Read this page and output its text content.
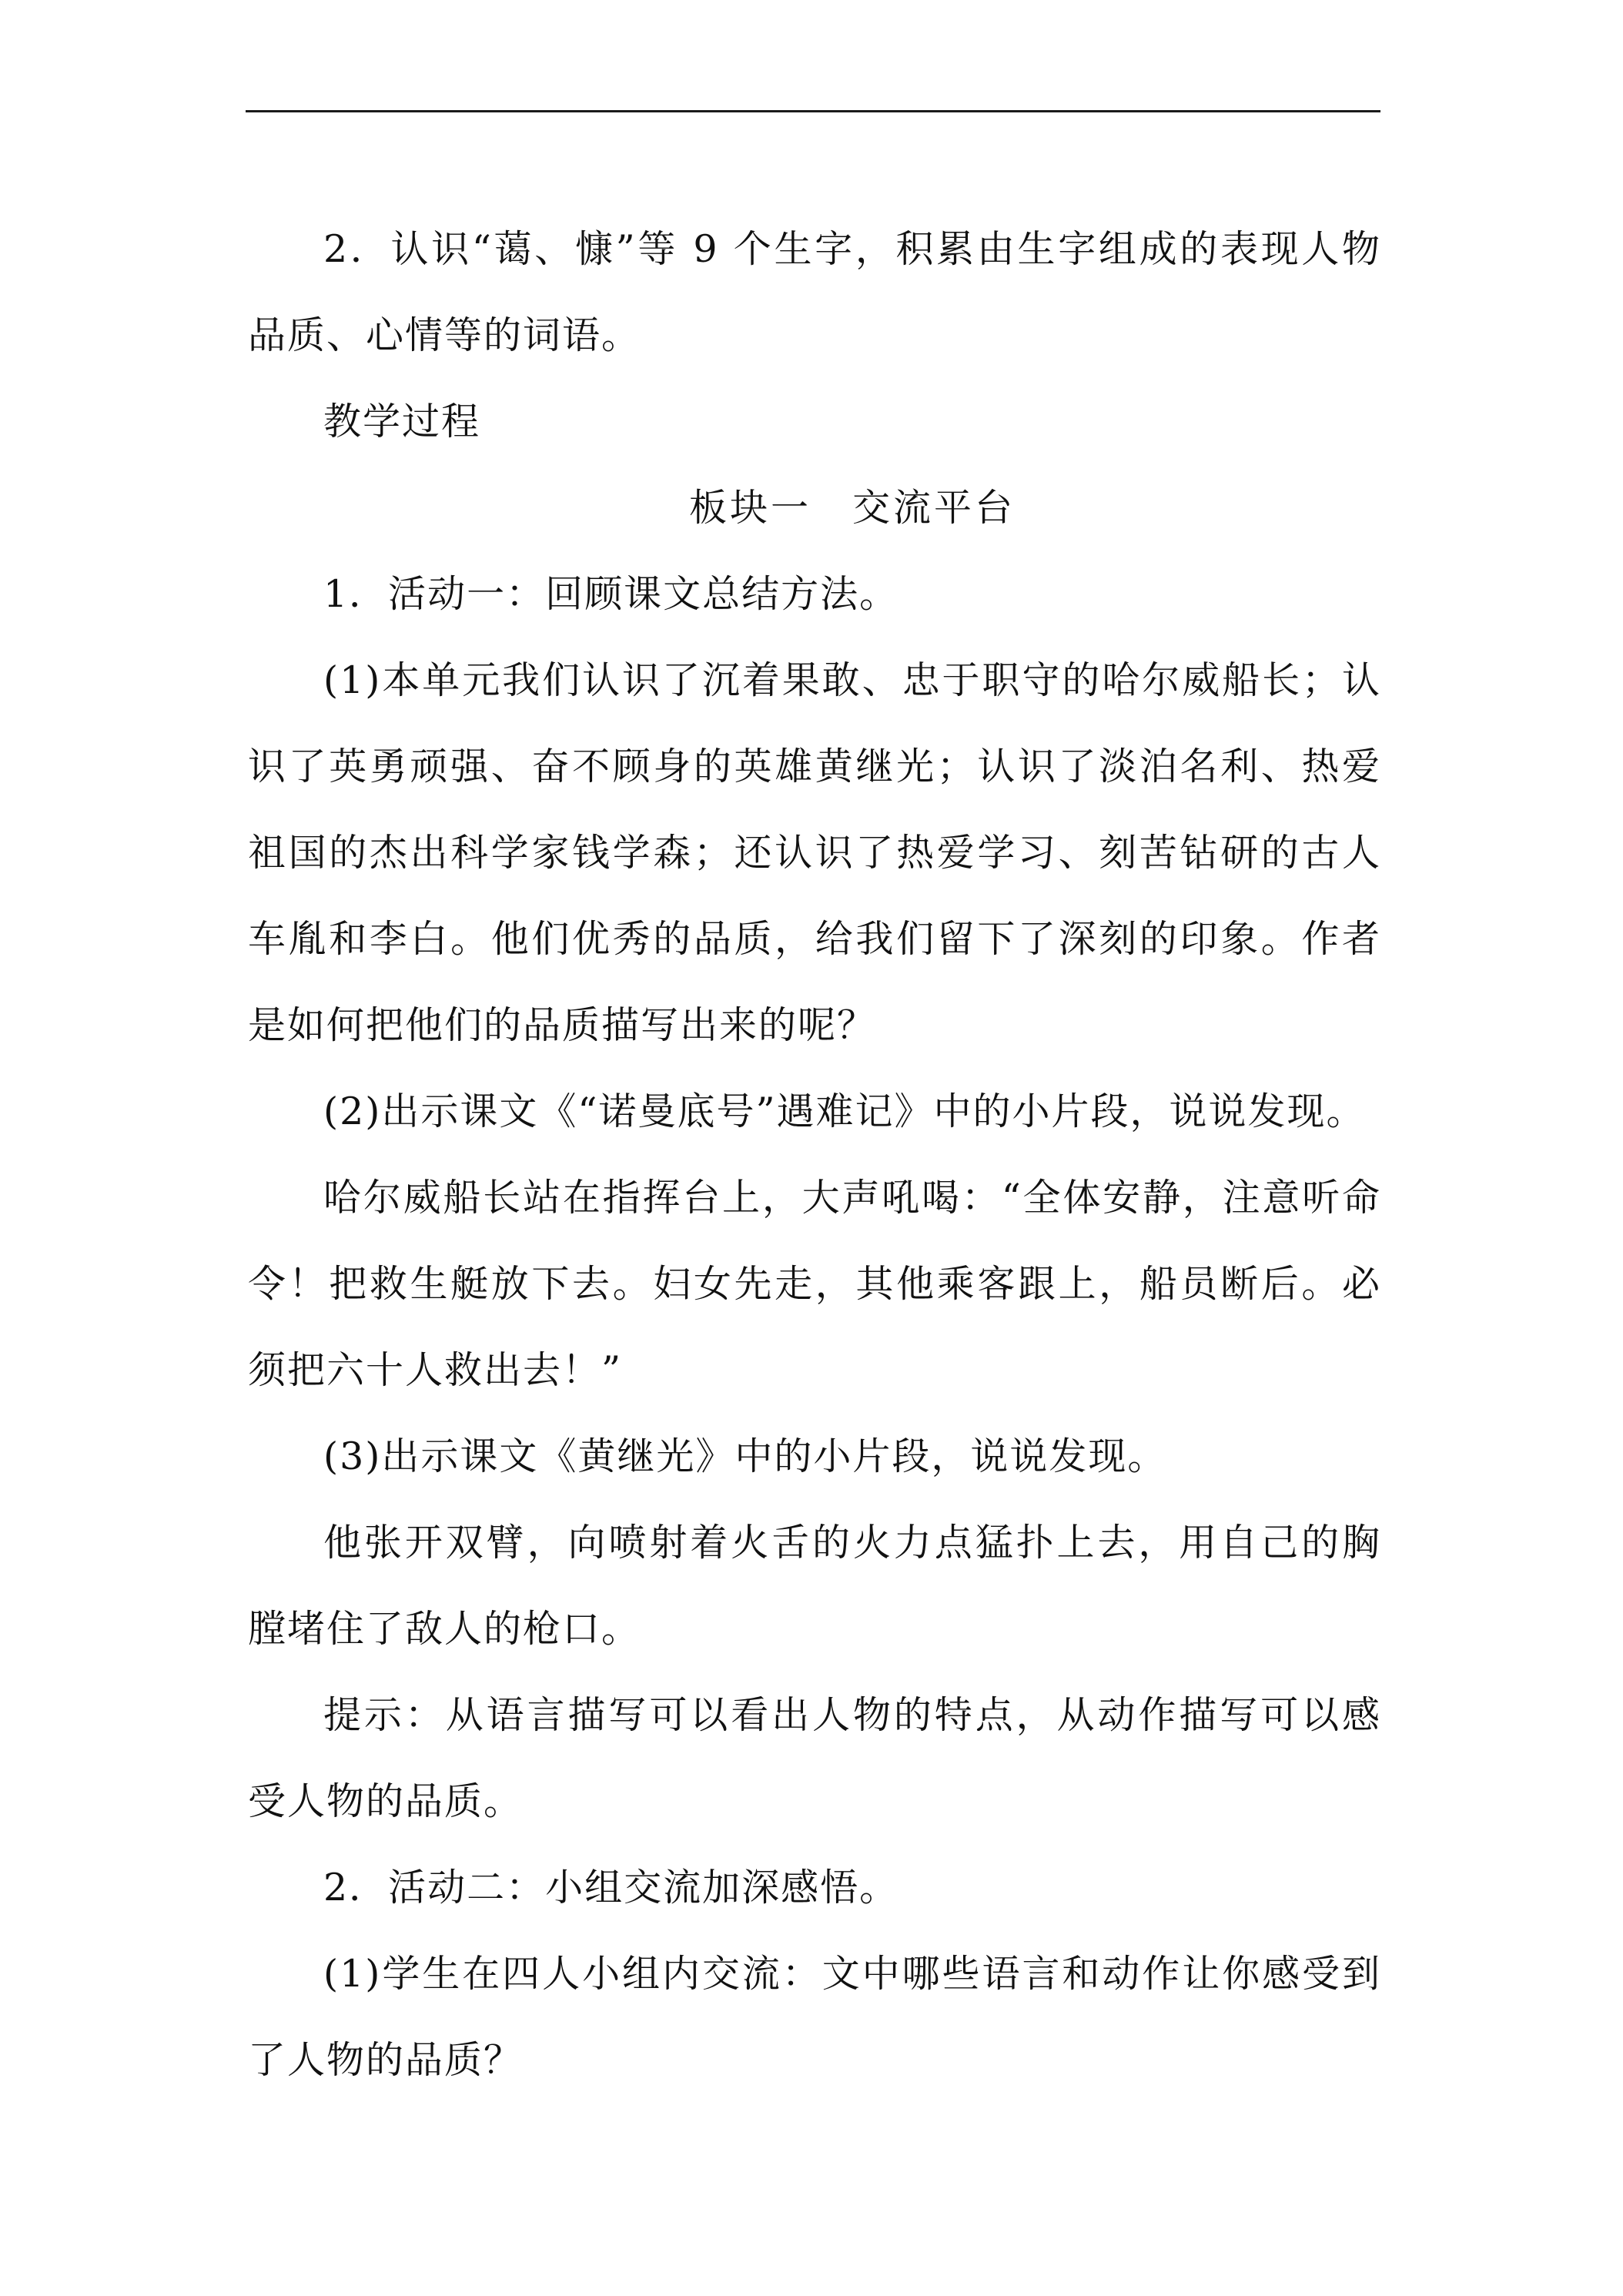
2．认识“蔼、慷”等 9 个生字，积累由生字组成的表现人物品质、心情等的词语。

教学过程

板块一　交流平台

1．活动一：回顾课文总结方法。

(1)本单元我们认识了沉着果敢、忠于职守的哈尔威船长；认识了英勇顽强、奋不顾身的英雄黄继光；认识了淡泊名利、热爱祖国的杰出科学家钱学森；还认识了热爱学习、刻苦钻研的古人车胤和李白。他们优秀的品质，给我们留下了深刻的印象。作者是如何把他们的品质描写出来的呢？

(2)出示课文《“诺曼底号”遇难记》中的小片段，说说发现。

哈尔威船长站在指挥台上，大声吼喝：“全体安静，注意听命令！把救生艇放下去。妇女先走，其他乘客跟上，船员断后。必须把六十人救出去！”

(3)出示课文《黄继光》中的小片段，说说发现。

他张开双臂，向喷射着火舌的火力点猛扑上去，用自己的胸膛堵住了敌人的枪口。

提示：从语言描写可以看出人物的特点，从动作描写可以感受人物的品质。

2．活动二：小组交流加深感悟。

(1)学生在四人小组内交流：文中哪些语言和动作让你感受到了人物的品质？
